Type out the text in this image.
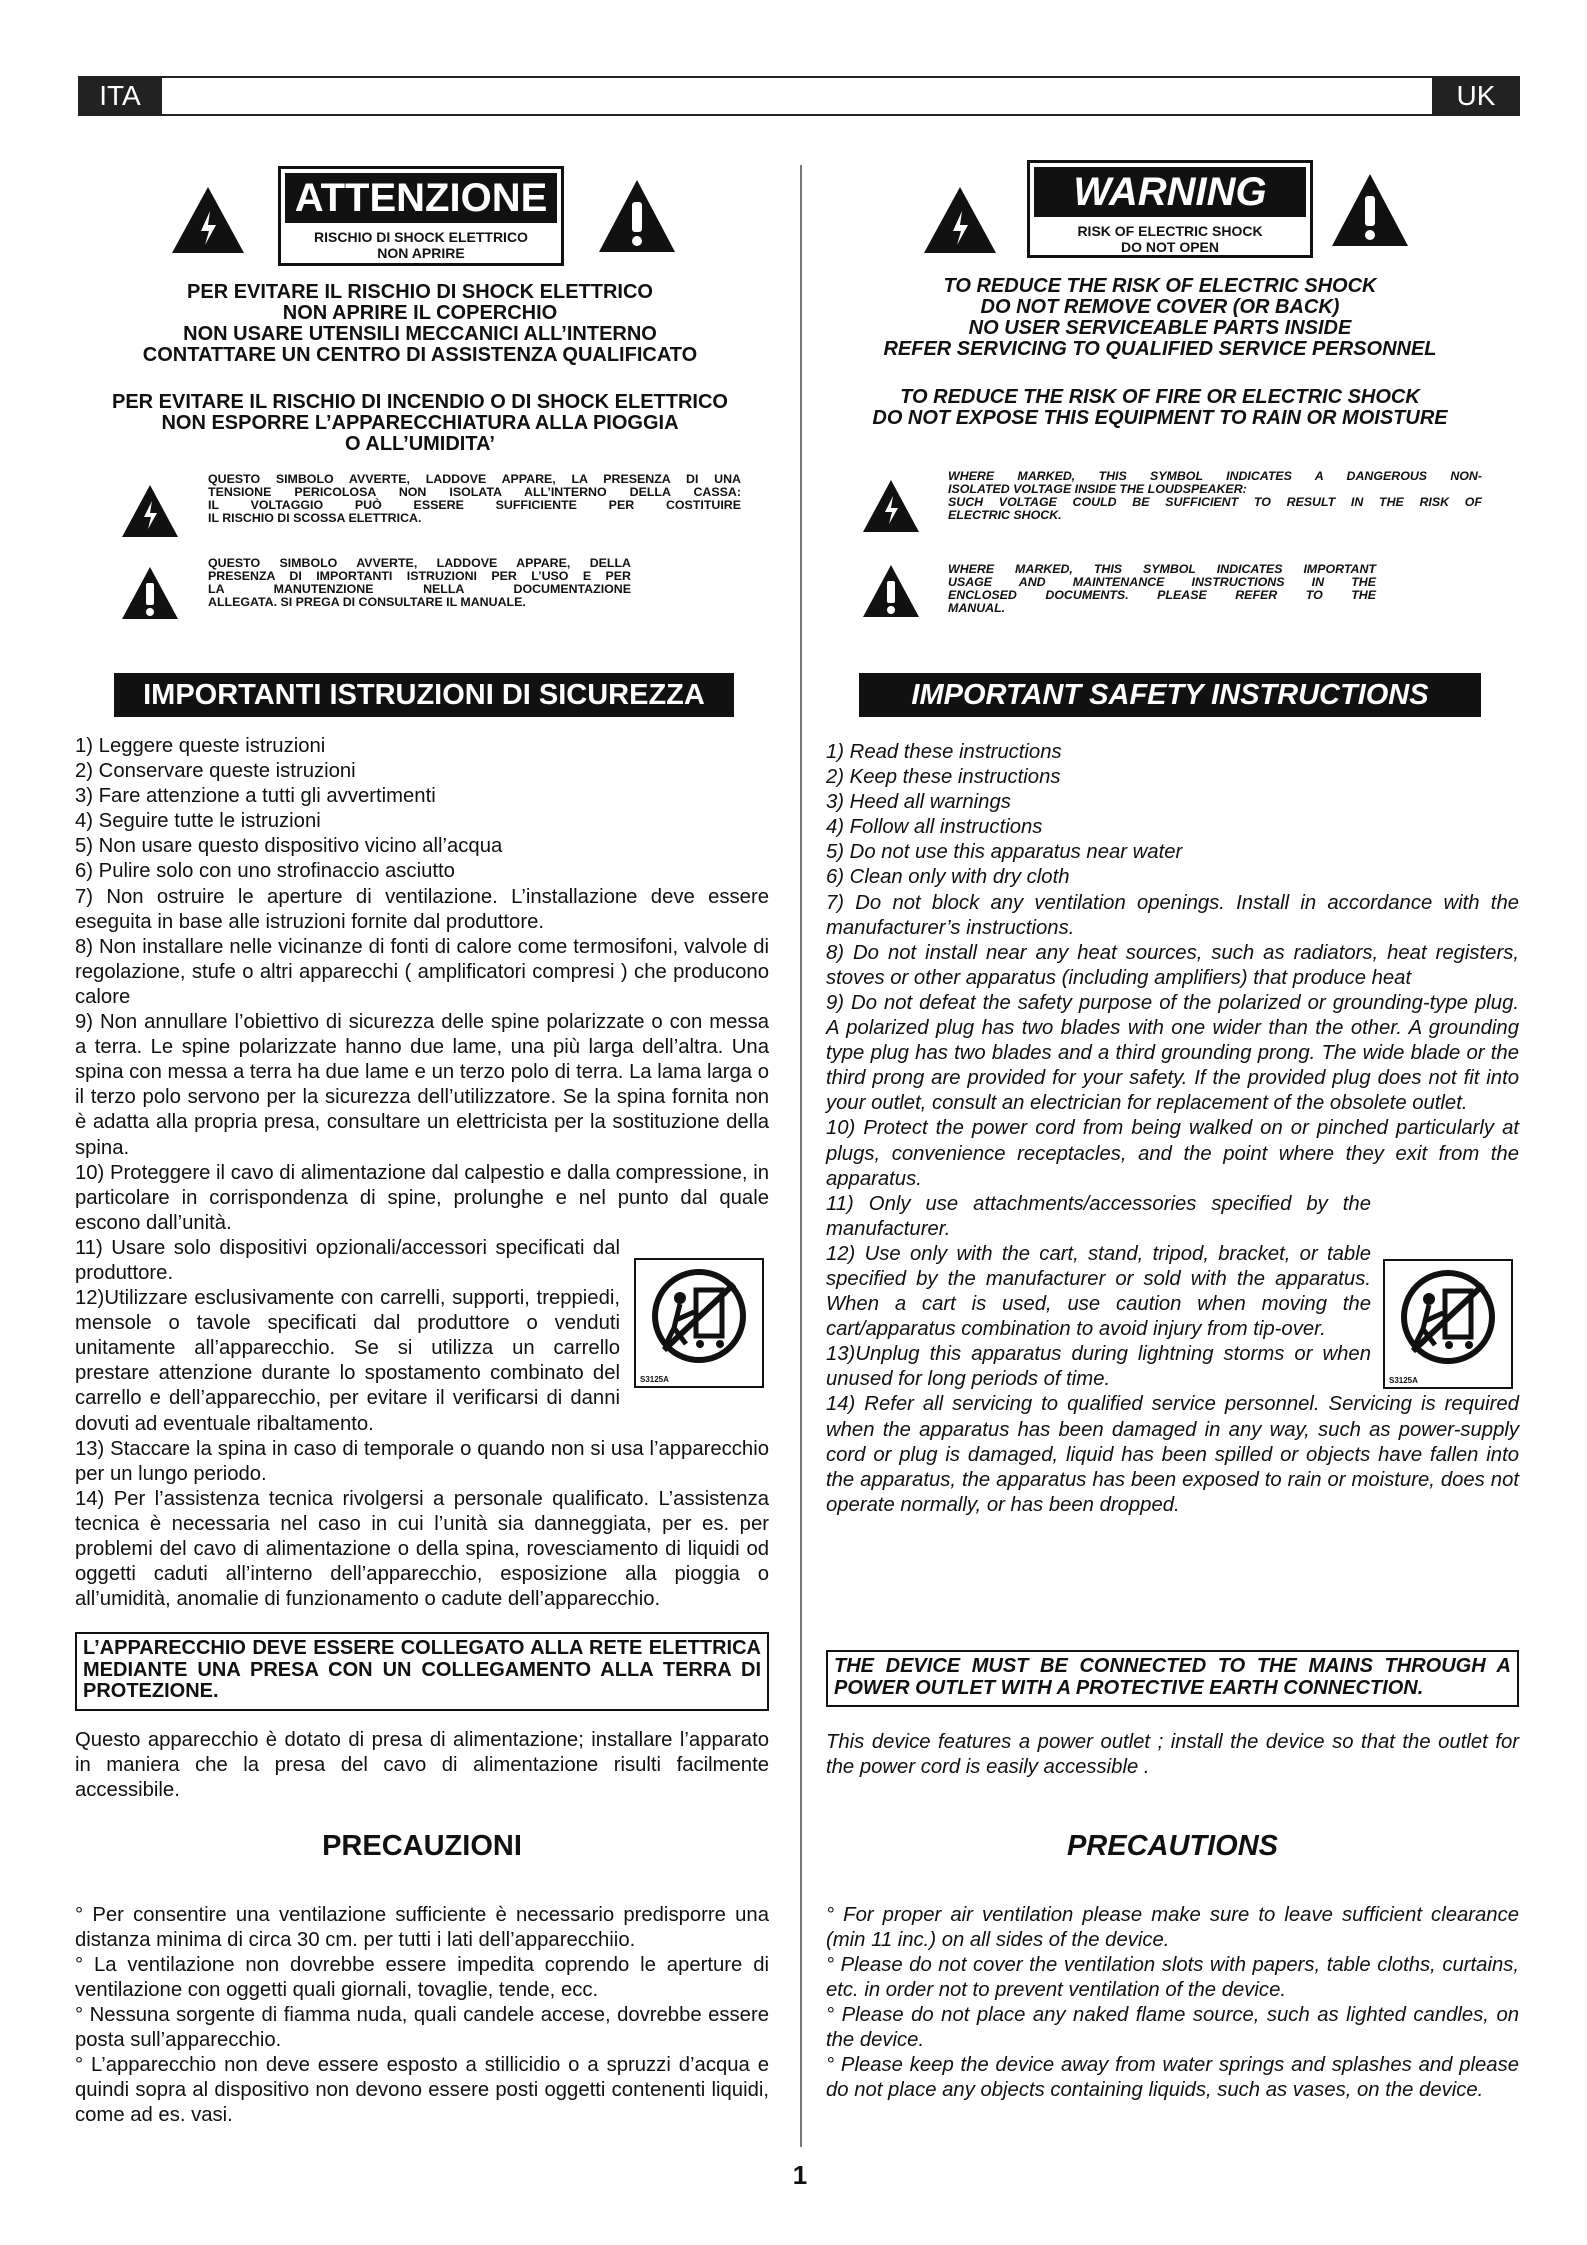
ITA	UK
ATTENZIONE
RISCHIO DI SHOCK ELETTRICO
NON APRIRE
PER EVITARE IL RISCHIO DI SHOCK ELETTRICO
NON APRIRE IL COPERCHIO
NON USARE UTENSILI MECCANICI ALL’INTERNO
CONTATTARE UN CENTRO DI ASSISTENZA QUALIFICATO
PER EVITARE IL RISCHIO DI INCENDIO O DI SHOCK ELETTRICO
NON ESPORRE L’APPARECCHIATURA ALLA PIOGGIA
O ALL’UMIDITA’
QUESTO SIMBOLO AVVERTE, LADDOVE APPARE, LA PRESENZA DI UNA
TENSIONE PERICOLOSA NON ISOLATA ALL’INTERNO DELLA CASSA:
IL VOLTAGGIO PUÒ ESSERE SUFFICIENTE PER COSTITUIRE
IL RISCHIO DI SCOSSA ELETTRICA.
QUESTO SIMBOLO AVVERTE, LADDOVE APPARE, DELLA
PRESENZA DI IMPORTANTI ISTRUZIONI PER L’USO E PER
LA MANUTENZIONE NELLA DOCUMENTAZIONE
ALLEGATA. SI PREGA DI CONSULTARE IL MANUALE.
IMPORTANTI ISTRUZIONI DI SICUREZZA

1) Leggere queste istruzioni

2) Conservare queste istruzioni

3) Fare attenzione a tutti gli avvertimenti

4) Seguire tutte le istruzioni

5) Non usare questo dispositivo vicino all’acqua

6) Pulire solo con uno strofinaccio asciutto

7) Non ostruire le aperture di ventilazione. L’installazione deve essere eseguita in base alle istruzioni fornite dal produttore.

8) Non installare nelle vicinanze di fonti di calore come termosifoni, valvole di regolazione, stufe o altri apparecchi ( amplificatori compresi ) che producono calore

9) Non annullare l’obiettivo di sicurezza delle spine polarizzate o con messa a terra. Le spine polarizzate hanno due lame, una più larga dell’altra. Una spina con messa a terra ha due lame e un terzo polo di terra. La lama larga o il terzo polo servono per la sicurezza dell’utilizzatore. Se la spina fornita non è adatta alla propria presa, consultare un elettricista per la sostituzione della spina.

10) Proteggere il cavo di alimentazione dal calpestio e dalla compressione, in particolare in corrispondenza di spine, prolunghe e nel punto dal quale escono dall’unità.

11) Usare solo dispositivi opzionali/accessori specificati dal produttore.

12)Utilizzare esclusivamente con carrelli, supporti, treppiedi, mensole o tavole specificati dal produttore o venduti unitamente all’apparecchio. Se si utilizza un carrello prestare attenzione durante lo spostamento combinato del carrello e dell’apparecchio, per evitare il verificarsi di danni dovuti ad eventuale ribaltamento.

13) Staccare la spina in caso di temporale o quando non si usa l’apparecchio per un lungo periodo.

14) Per l’assistenza tecnica rivolgersi a personale qualificato. L’assistenza tecnica è necessaria nel caso in cui l’unità sia danneggiata, per es. per problemi del cavo di alimentazione o della spina, rovesciamento di liquidi od oggetti caduti all’interno dell’apparecchio, esposizione alla pioggia o all’umidità, anomalie di funzionamento o cadute dell’apparecchio.

S3125A
L’APPARECCHIO DEVE ESSERE COLLEGATO ALLA RETE ELETTRICA MEDIANTE UNA PRESA CON UN COLLEGAMENTO ALLA TERRA DI PROTEZIONE.
Questo apparecchio è dotato di presa di alimentazione; installare l’apparato in maniera che la presa del cavo di alimentazione risulti facilmente accessibile.
PRECAUZIONI

° Per consentire una ventilazione sufficiente è necessario predisporre una distanza minima di circa 30 cm. per tutti i lati dell’apparecchiio.

° La ventilazione non dovrebbe essere impedita coprendo le aperture di ventilazione con oggetti quali giornali, tovaglie, tende, ecc.

° Nessuna sorgente di fiamma nuda, quali candele accese, dovrebbe essere posta sull’apparecchio.

° L’apparecchio non deve essere esposto a stillicidio o a spruzzi d’acqua e quindi sopra al dispositivo non devono essere posti oggetti contenenti liquidi, come ad es. vasi.

WARNING
RISK OF ELECTRIC SHOCK
DO NOT OPEN
TO REDUCE THE RISK OF ELECTRIC SHOCK
DO NOT REMOVE COVER (OR BACK)
NO USER SERVICEABLE PARTS INSIDE
REFER SERVICING TO QUALIFIED SERVICE PERSONNEL
TO REDUCE THE RISK OF FIRE OR ELECTRIC SHOCK
DO NOT EXPOSE THIS EQUIPMENT TO RAIN OR MOISTURE
WHERE MARKED, THIS SYMBOL INDICATES A DANGEROUS NON-
ISOLATED VOLTAGE INSIDE THE LOUDSPEAKER:
SUCH VOLTAGE COULD BE SUFFICIENT TO RESULT IN THE RISK OF
ELECTRIC SHOCK.
WHERE MARKED, THIS SYMBOL INDICATES IMPORTANT
USAGE AND MAINTENANCE INSTRUCTIONS IN THE
ENCLOSED DOCUMENTS. PLEASE REFER TO THE
MANUAL.
IMPORTANT SAFETY INSTRUCTIONS

1) Read these instructions

2) Keep these instructions

3) Heed all warnings

4) Follow all instructions

5) Do not use this apparatus near water

6) Clean only with dry cloth

7) Do not block any ventilation openings. Install in accordance with the manufacturer’s instructions.

8) Do not install near any heat sources, such as radiators, heat registers, stoves or other apparatus (including amplifiers) that produce heat

9) Do not defeat the safety purpose of the polarized or grounding-type plug. A polarized plug has two blades with one wider than the other. A grounding type plug has two blades and a third grounding prong. The wide blade or the third prong are provided for your safety. If the provided plug does not fit into your outlet, consult an electrician for replacement of the obsolete outlet.

10) Protect the power cord from being walked on or pinched particularly at plugs, convenience receptacles, and the point where they exit from the apparatus.

11) Only use attachments/accessories specified by the manufacturer.

12) Use only with the cart, stand, tripod, bracket, or table specified by the manufacturer or sold with the apparatus. When a cart is used, use caution when moving the cart/apparatus combination to avoid injury from tip-over.

13)Unplug this apparatus during lightning storms or when unused for long periods of time.

14) Refer all servicing to qualified service personnel. Servicing is required when the apparatus has been damaged in any way, such as power-supply cord or plug is damaged, liquid has been spilled or objects have fallen into the apparatus, the apparatus has been exposed to rain or moisture, does not operate normally, or has been dropped.

S3125A
THE DEVICE MUST BE CONNECTED TO THE MAINS THROUGH A POWER OUTLET WITH A PROTECTIVE EARTH CONNECTION.
This device features a power outlet ; install the device so that the outlet for the power cord is easily accessible .
PRECAUTIONS

° For proper air ventilation please make sure to leave sufficient clearance (min 11 inc.) on all sides of the device.

° Please do not cover the ventilation slots with papers, table cloths, curtains, etc. in order not to prevent ventilation of the device.

° Please do not place any naked flame source, such as lighted candles, on the device.

° Please keep the device away from water springs and splashes and please do not place any objects containing liquids, such as vases, on the device.

1
